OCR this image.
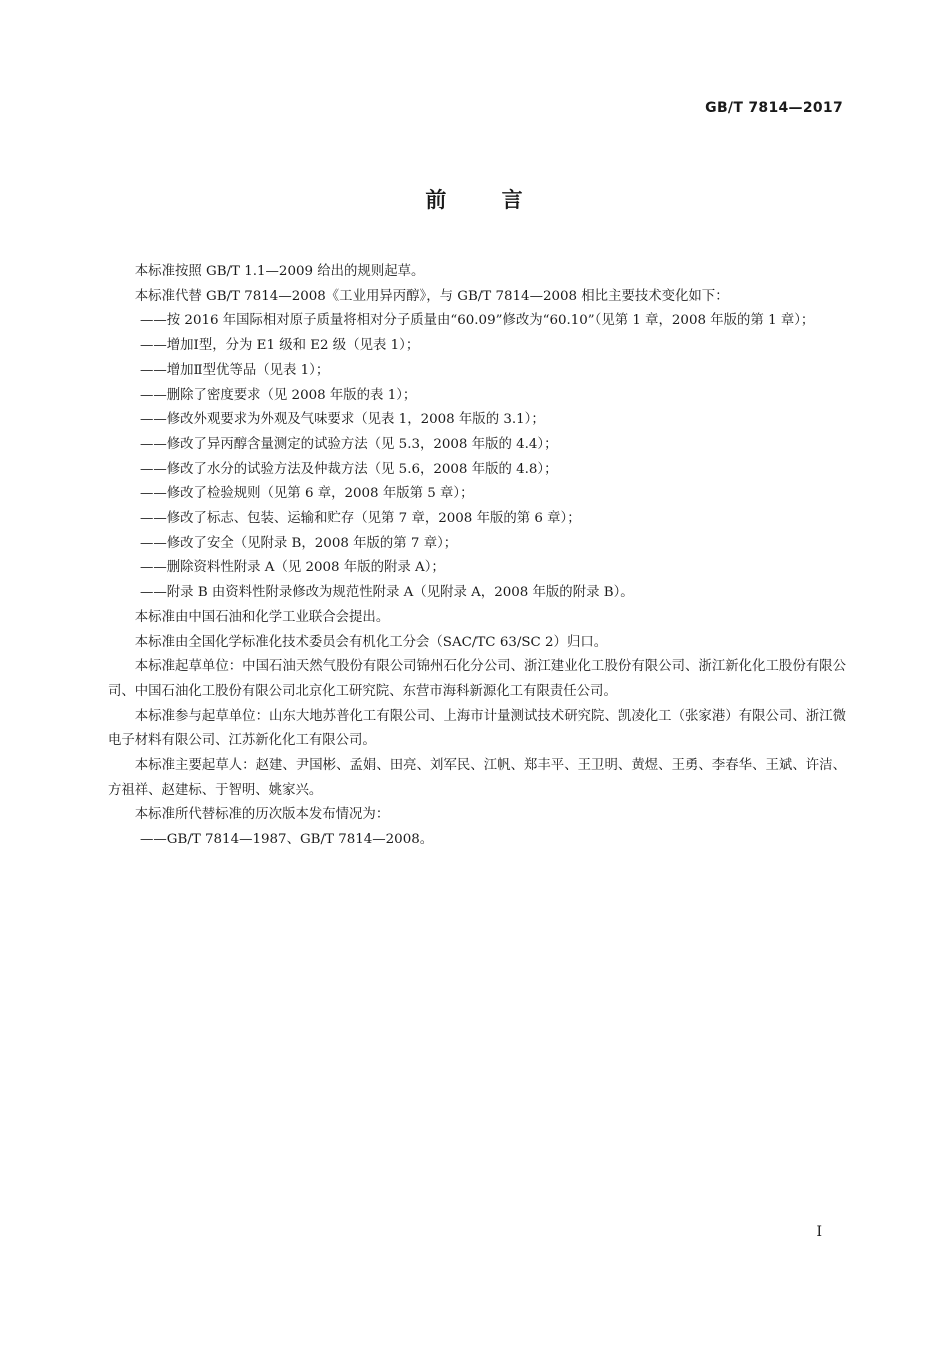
GB/T 7814—2017
前 言

本标准按照 GB/T 1.1—2009 给出的规则起草。

本标准代替 GB/T 7814—2008《工业用异丙醇》，与 GB/T 7814—2008 相比主要技术变化如下：

——按 2016 年国际相对原子质量将相对分子质量由“60.09”修改为“60.10”（见第 1 章，2008 年版的第 1 章）；

——增加Ⅰ型，分为 E1 级和 E2 级（见表 1）；

——增加Ⅱ型优等品（见表 1）；

——删除了密度要求（见 2008 年版的表 1）；

——修改外观要求为外观及气味要求（见表 1，2008 年版的 3.1）；

——修改了异丙醇含量测定的试验方法（见 5.3，2008 年版的 4.4）；

——修改了水分的试验方法及仲裁方法（见 5.6，2008 年版的 4.8）；

——修改了检验规则（见第 6 章，2008 年版第 5 章）；

——修改了标志、包装、运输和贮存（见第 7 章，2008 年版的第 6 章）；

——修改了安全（见附录 B，2008 年版的第 7 章）；

——删除资料性附录 A（见 2008 年版的附录 A）；

——附录 B 由资料性附录修改为规范性附录 A（见附录 A，2008 年版的附录 B）。

本标准由中国石油和化学工业联合会提出。

本标准由全国化学标准化技术委员会有机化工分会（SAC/TC 63/SC 2）归口。

本标准起草单位：中国石油天然气股份有限公司锦州石化分公司、浙江建业化工股份有限公司、浙江新化化工股份有限公司、中国石油化工股份有限公司北京化工研究院、东营市海科新源化工有限责任公司。

本标准参与起草单位：山东大地苏普化工有限公司、上海市计量测试技术研究院、凯凌化工（张家港）有限公司、浙江微电子材料有限公司、江苏新化化工有限公司。

本标准主要起草人：赵建、尹国彬、孟娟、田亮、刘军民、江帆、郑丰平、王卫明、黄煜、王勇、李春华、王斌、许洁、方祖祥、赵建标、于智明、姚家兴。

本标准所代替标准的历次版本发布情况为：

——GB/T 7814—1987、GB/T 7814—2008。

I
